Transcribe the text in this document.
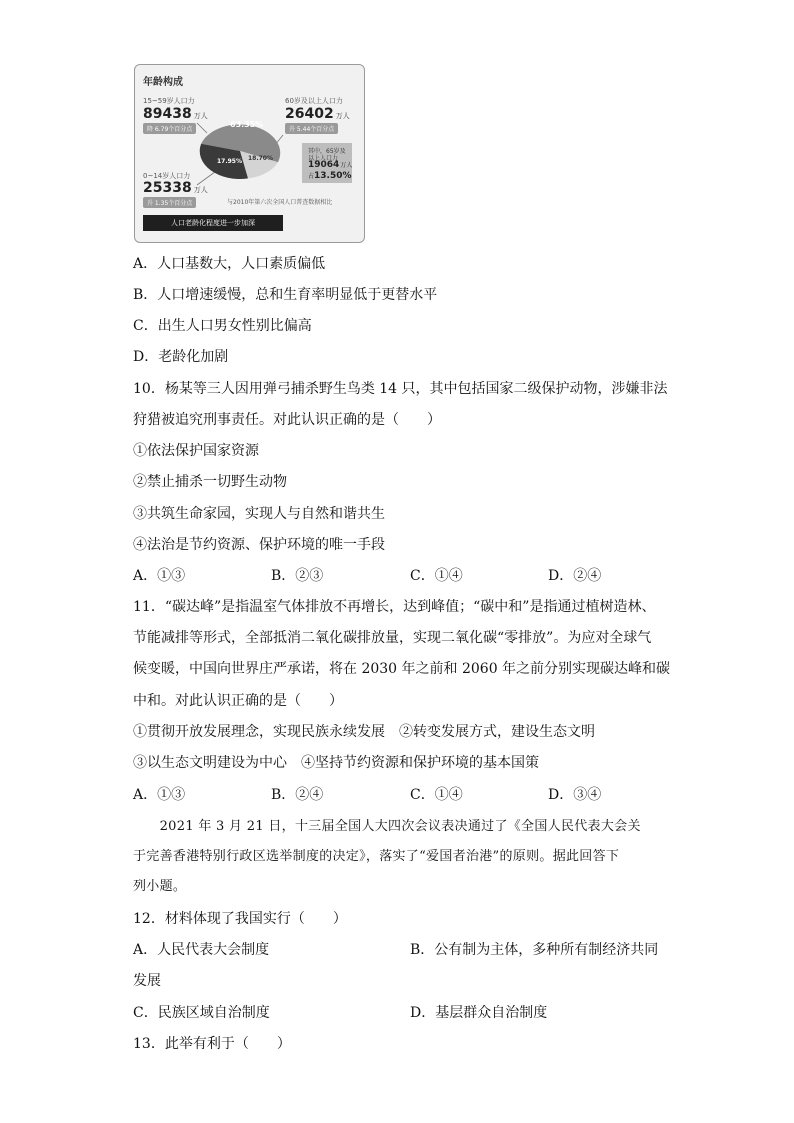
年龄构成
15~59岁人口力
89438 万人
降 6.79个百分点
60岁及以上人口力
26402 万人
升 5.44个百分点
其中，65岁及
以上人口力
19064万人
占13.50%
0~14岁人口力
25338 万人
升 1.35个百分点
63.35%
18.70%
17.95%
与2010年第六次全国人口普查数据相比
人口老龄化程度进一步加深
A．人口基数大，人口素质偏低
B．人口增速缓慢，总和生育率明显低于更替水平
C．出生人口男女性别比偏高
D．老龄化加剧
10．杨某等三人因用弹弓捕杀野生鸟类 14 只，其中包括国家二级保护动物，涉嫌非法
狩猎被追究刑事责任。对此认识正确的是（　　）
①依法保护国家资源
②禁止捕杀一切野生动物
③共筑生命家园，实现人与自然和谐共生
④法治是节约资源、保护环境的唯一手段
A．①③	B．②③	C．①④	D．②④
11．“碳达峰”是指温室气体排放不再增长，达到峰值；“碳中和”是指通过植树造林、
节能减排等形式，全部抵消二氧化碳排放量，实现二氧化碳“零排放”。为应对全球气
候变暖，中国向世界庄严承诺，将在 2030 年之前和 2060 年之前分别实现碳达峰和碳
中和。对此认识正确的是（　　）
①贯彻开放发展理念，实现民族永续发展　②转变发展方式，建设生态文明
③以生态文明建设为中心　④坚持节约资源和保护环境的基本国策
A．①③	B．②④	C．①④	D．③④
　　2021 年 3 月 21 日，十三届全国人大四次会议表决通过了《全国人民代表大会关
于完善香港特别行政区选举制度的决定》，落实了“爱国者治港”的原则。据此回答下
列小题。
12．材料体现了我国实行（　　）
A．人民代表大会制度	B．公有制为主体，多种所有制经济共同
发展
C．民族区域自治制度	D．基层群众自治制度
13．此举有利于（　　）
